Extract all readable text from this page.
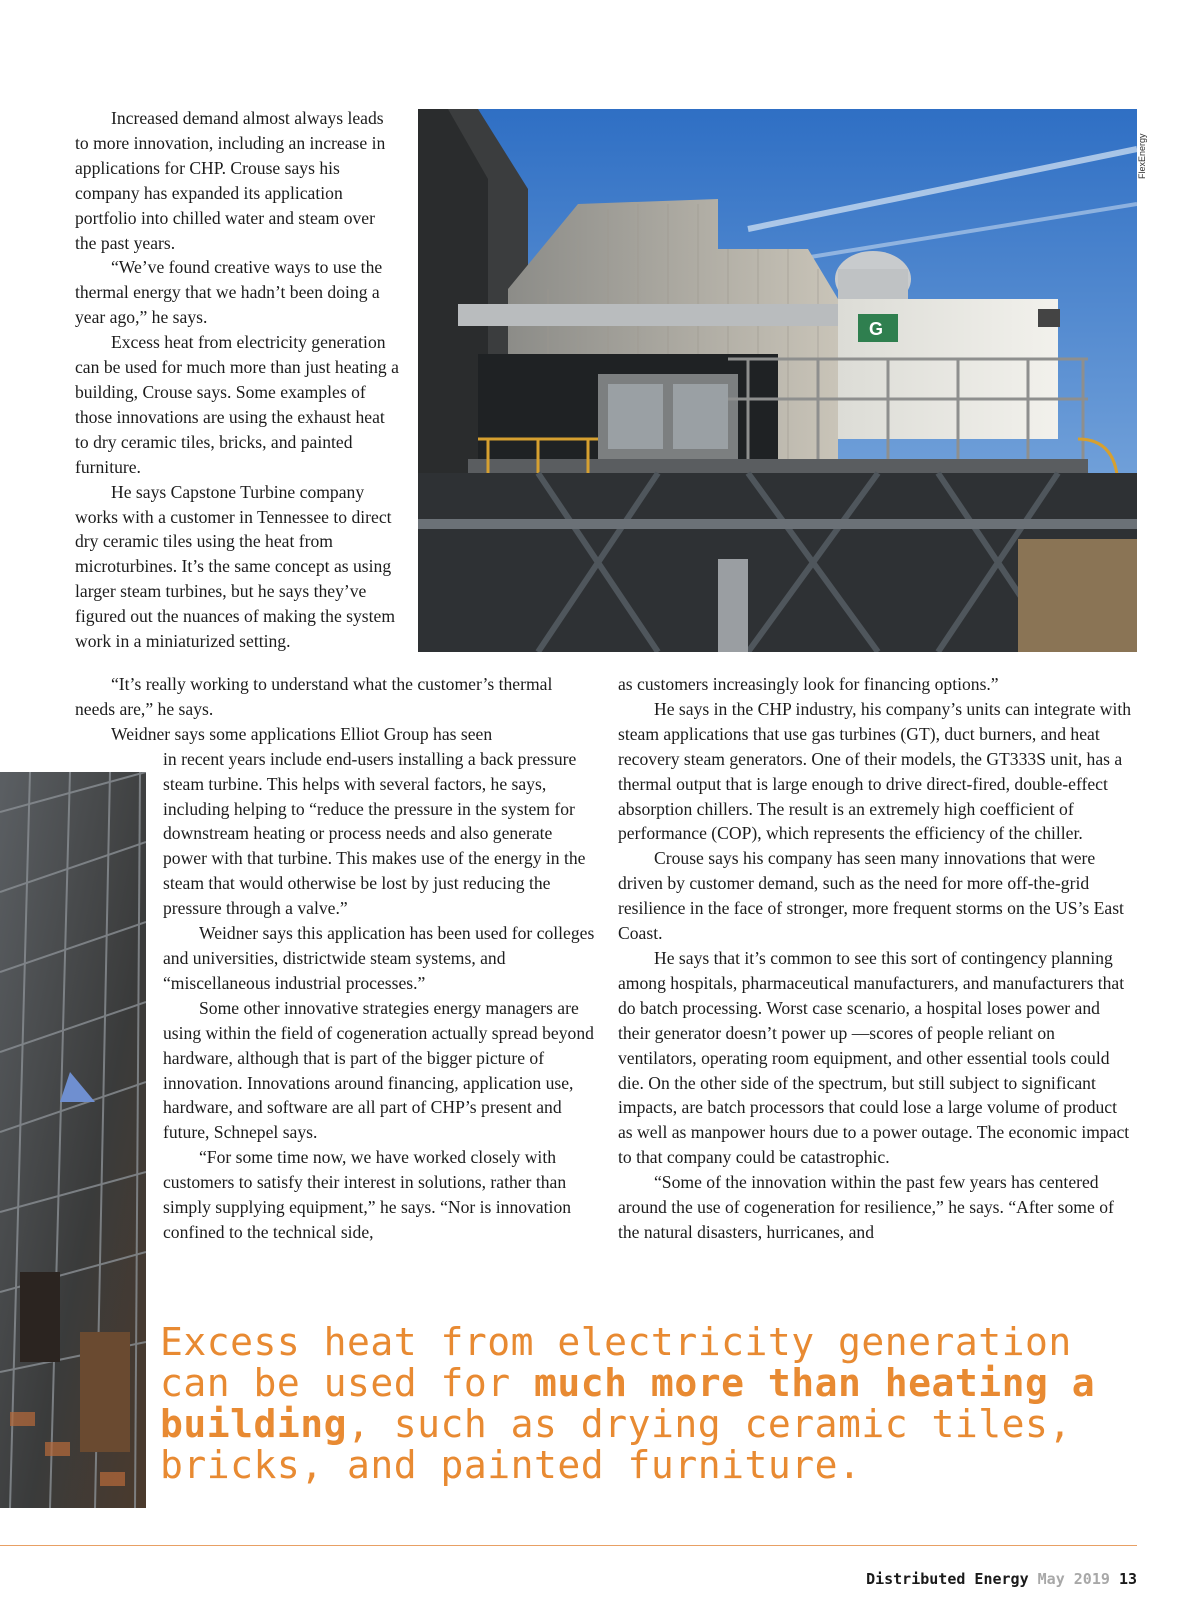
G
FlexEnergy

Increased demand almost always leads to more innovation, including an increase in applications for CHP. Crouse says his company has expanded its application portfolio into chilled water and steam over the past years.

“We’ve found creative ways to use the thermal energy that we hadn’t been doing a year ago,” he says.

Excess heat from electricity generation can be used for much more than just heating a building, Crouse says. Some examples of those innovations are using the exhaust heat to dry ceramic tiles, bricks, and painted furniture.

He says Capstone Turbine company works with a customer in Tennessee to direct dry ceramic tiles using the heat from microturbines. It’s the same concept as using larger steam turbines, but he says they’ve figured out the nuances of making the system work in a miniaturized setting.

“It’s really working to understand what the customer’s thermal needs are,” he says.

Weidner says some applications Elliot Group has seen

in recent years include end-users installing a back pressure steam turbine. This helps with several factors, he says, including helping to “reduce the pressure in the system for downstream heating or process needs and also generate power with that turbine. This makes use of the energy in the steam that would otherwise be lost by just reducing the pressure through a valve.”

Weidner says this application has been used for colleges and universities, districtwide steam systems, and “miscellaneous industrial processes.”

Some other innovative strategies energy managers are using within the field of cogeneration actually spread beyond hardware, although that is part of the bigger picture of innovation. Innovations around financing, application use, hardware, and software are all part of CHP’s present and future, Schnepel says.

“For some time now, we have worked closely with customers to satisfy their interest in solutions, rather than simply supplying equipment,” he says. “Nor is innovation confined to the technical side,

as customers increasingly look for financing options.”

He says in the CHP industry, his company’s units can integrate with steam applications that use gas turbines (GT), duct burners, and heat recovery steam generators. One of their models, the GT333S unit, has a thermal output that is large enough to drive direct-fired, double-effect absorption chillers. The result is an extremely high coefficient of performance (COP), which represents the efficiency of the chiller.

Crouse says his company has seen many innovations that were driven by customer demand, such as the need for more off-the-grid resilience in the face of stronger, more frequent storms on the US’s East Coast.

He says that it’s common to see this sort of contingency planning among hospitals, pharmaceutical manufacturers, and manufacturers that do batch processing. Worst case scenario, a hospital loses power and their generator doesn’t power up —scores of people reliant on ventilators, operating room equipment, and other essential tools could die. On the other side of the spectrum, but still subject to significant impacts, are batch processors that could lose a large volume of product as well as manpower hours due to a power outage. The economic impact to that company could be catastrophic.

“Some of the innovation within the past few years has centered around the use of cogeneration for resilience,” he says. “After some of the natural disasters, hurricanes, and

Excess heat from electricity generation can be used for much more than heating a building, such as drying ceramic tiles, bricks, and painted furniture.
Distributed Energy May 2019 13
